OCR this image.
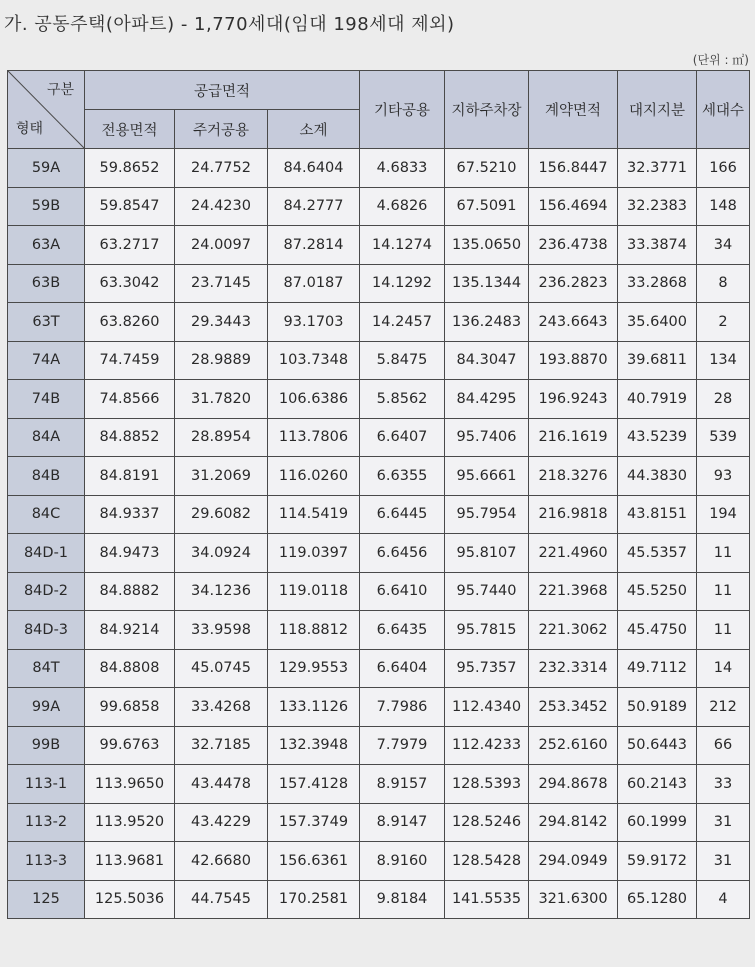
가. 공동주택(아파트) - 1,770세대(임대 198세대 제외)
(단위 : ㎡)
구분
형태	공급면적			기타공용	지하주차장	계약면적	대지지분	세대수
	전용면적	주거공용	소계					
59A	59.8652	24.7752	84.6404	4.6833	67.5210	156.8447	32.3771	166
59B	59.8547	24.4230	84.2777	4.6826	67.5091	156.4694	32.2383	148
63A	63.2717	24.0097	87.2814	14.1274	135.0650	236.4738	33.3874	34
63B	63.3042	23.7145	87.0187	14.1292	135.1344	236.2823	33.2868	8
63T	63.8260	29.3443	93.1703	14.2457	136.2483	243.6643	35.6400	2
74A	74.7459	28.9889	103.7348	5.8475	84.3047	193.8870	39.6811	134
74B	74.8566	31.7820	106.6386	5.8562	84.4295	196.9243	40.7919	28
84A	84.8852	28.8954	113.7806	6.6407	95.7406	216.1619	43.5239	539
84B	84.8191	31.2069	116.0260	6.6355	95.6661	218.3276	44.3830	93
84C	84.9337	29.6082	114.5419	6.6445	95.7954	216.9818	43.8151	194
84D-1	84.9473	34.0924	119.0397	6.6456	95.8107	221.4960	45.5357	11
84D-2	84.8882	34.1236	119.0118	6.6410	95.7440	221.3968	45.5250	11
84D-3	84.9214	33.9598	118.8812	6.6435	95.7815	221.3062	45.4750	11
84T	84.8808	45.0745	129.9553	6.6404	95.7357	232.3314	49.7112	14
99A	99.6858	33.4268	133.1126	7.7986	112.4340	253.3452	50.9189	212
99B	99.6763	32.7185	132.3948	7.7979	112.4233	252.6160	50.6443	66
113-1	113.9650	43.4478	157.4128	8.9157	128.5393	294.8678	60.2143	33
113-2	113.9520	43.4229	157.3749	8.9147	128.5246	294.8142	60.1999	31
113-3	113.9681	42.6680	156.6361	8.9160	128.5428	294.0949	59.9172	31
125	125.5036	44.7545	170.2581	9.8184	141.5535	321.6300	65.1280	4
